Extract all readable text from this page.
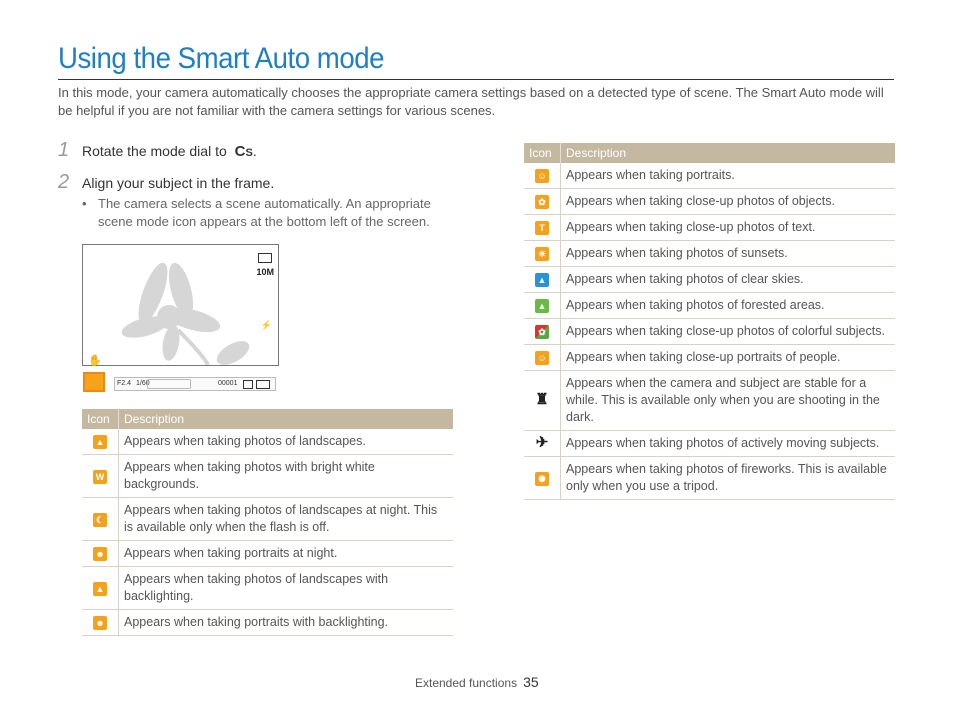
Using the Smart Auto mode
In this mode, your camera automatically chooses the appropriate camera settings based on a detected type of scene. The Smart Auto mode will be helpful if you are not familiar with the camera settings for various scenes.
1 Rotate the mode dial to CS.
2 Align your subject in the frame.
• The camera selects a scene automatically. An appropriate scene mode icon appears at the bottom left of the screen.
10M
⚡
✋
F2.4 1/60	00001
Icon	Description
▲	Appears when taking photos of landscapes.
W	Appears when taking photos with bright white backgrounds.
☾	Appears when taking photos of landscapes at night. This is available only when the flash is off.
☻	Appears when taking portraits at night.
▲	Appears when taking photos of landscapes with backlighting.
☻	Appears when taking portraits with backlighting.
Icon	Description
☺	Appears when taking portraits.
✿	Appears when taking close-up photos of objects.
T	Appears when taking close-up photos of text.
☀	Appears when taking photos of sunsets.
▲	Appears when taking photos of clear skies.
▲	Appears when taking photos of forested areas.
✿	Appears when taking close-up photos of colorful subjects.
☺	Appears when taking close-up portraits of people.
♜	Appears when the camera and subject are stable for a while. This is available only when you are shooting in the dark.
✈	Appears when taking photos of actively moving subjects.
✺	Appears when taking photos of fireworks. This is available only when you use a tripod.
Extended functions 35
